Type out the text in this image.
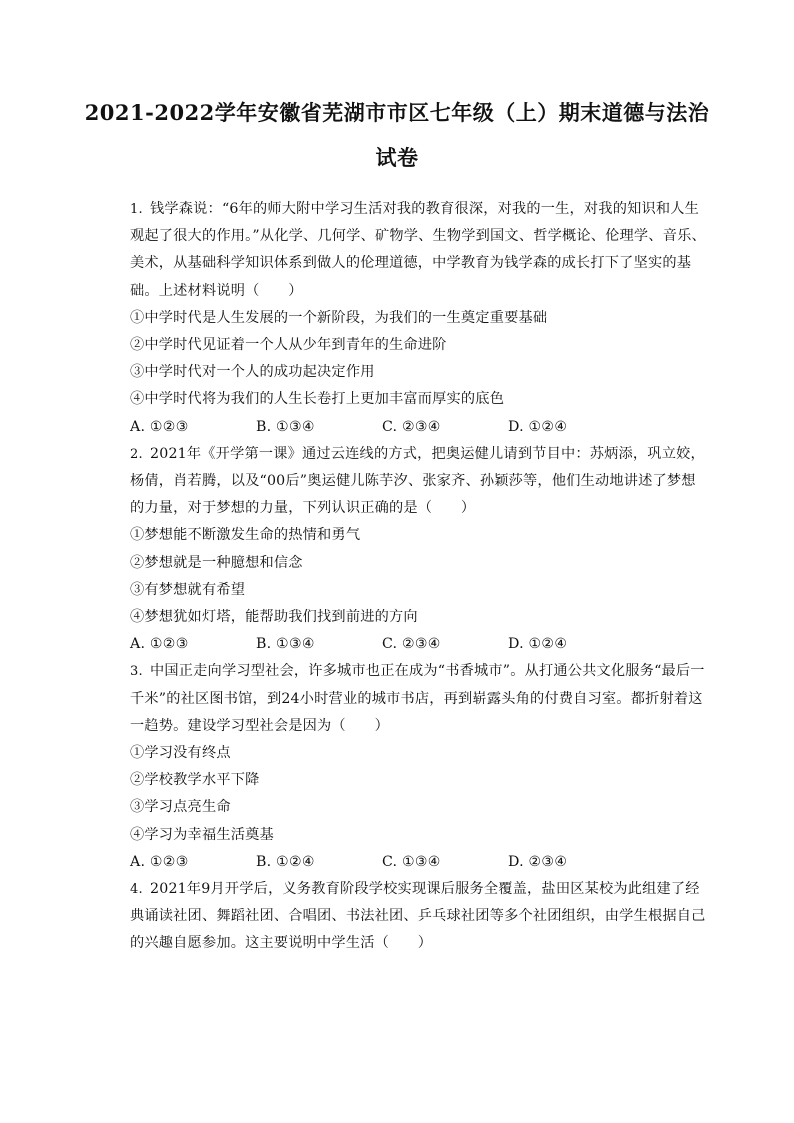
2021-2022学年安徽省芜湖市市区七年级（上）期末道德与法治
试卷

1. 钱学森说：“6年的师大附中学习生活对我的教育很深，对我的一生，对我的知识和人生观起了很大的作用。”从化学、几何学、矿物学、生物学到国文、哲学概论、伦理学、音乐、美术，从基础科学知识体系到做人的伦理道德，中学教育为钱学森的成长打下了坚实的基础。上述材料说明（　　）

①中学时代是人生发展的一个新阶段，为我们的一生奠定重要基础

②中学时代见证着一个人从少年到青年的生命进阶

③中学时代对一个人的成功起决定作用

④中学时代将为我们的人生长卷打上更加丰富而厚实的底色

A. ①②③	B. ①③④	C. ②③④	D. ①②④

2. 2021年《开学第一课》通过云连线的方式，把奥运健儿请到节目中：苏炳添，巩立姣，杨倩，肖若腾，以及“00后”奥运健儿陈芋汐、张家齐、孙颖莎等，他们生动地讲述了梦想的力量，对于梦想的力量，下列认识正确的是（　　）

①梦想能不断激发生命的热情和勇气

②梦想就是一种臆想和信念

③有梦想就有希望

④梦想犹如灯塔，能帮助我们找到前进的方向

A. ①②③	B. ①③④	C. ②③④	D. ①②④

3. 中国正走向学习型社会，许多城市也正在成为“书香城市”。从打通公共文化服务“最后一千米”的社区图书馆，到24小时营业的城市书店，再到崭露头角的付费自习室。都折射着这一趋势。建设学习型社会是因为（　　）

①学习没有终点

②学校教学水平下降

③学习点亮生命

④学习为幸福生活奠基

A. ①②③	B. ①②④	C. ①③④	D. ②③④

4. 2021年9月开学后，义务教育阶段学校实现课后服务全覆盖，盐田区某校为此组建了经典诵读社团、舞蹈社团、合唱团、书法社团、乒乓球社团等多个社团组织，由学生根据自己的兴趣自愿参加。这主要说明中学生活（　　）
